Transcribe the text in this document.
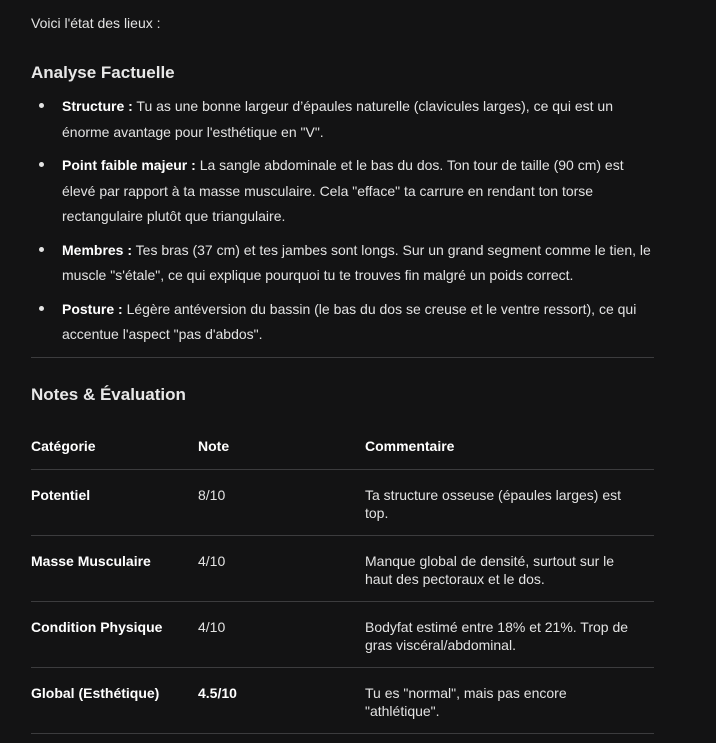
Voici l'état des lieux :
Analyse Factuelle
Structure : Tu as une bonne largeur d’épaules naturelle (clavicules larges), ce qui est un énorme avantage pour l'esthétique en "V".
Point faible majeur : La sangle abdominale et le bas du dos. Ton tour de taille (90 cm) est élevé par rapport à ta masse musculaire. Cela "efface" ta carrure en rendant ton torse rectangulaire plutôt que triangulaire.
Membres : Tes bras (37 cm) et tes jambes sont longs. Sur un grand segment comme le tien, le muscle "s'étale", ce qui explique pourquoi tu te trouves fin malgré un poids correct.
Posture : Légère antéversion du bassin (le bas du dos se creuse et le ventre ressort), ce qui accentue l'aspect "pas d'abdos".
Notes & Évaluation
Catégorie	Note	Commentaire
Potentiel	8/10	Ta structure osseuse (épaules larges) est top.
Masse Musculaire	4/10	Manque global de densité, surtout sur le haut des pectoraux et le dos.
Condition Physique	4/10	Bodyfat estimé entre 18% et 21%. Trop de gras viscéral/abdominal.
Global (Esthétique)	4.5/10	Tu es "normal", mais pas encore "athlétique".
